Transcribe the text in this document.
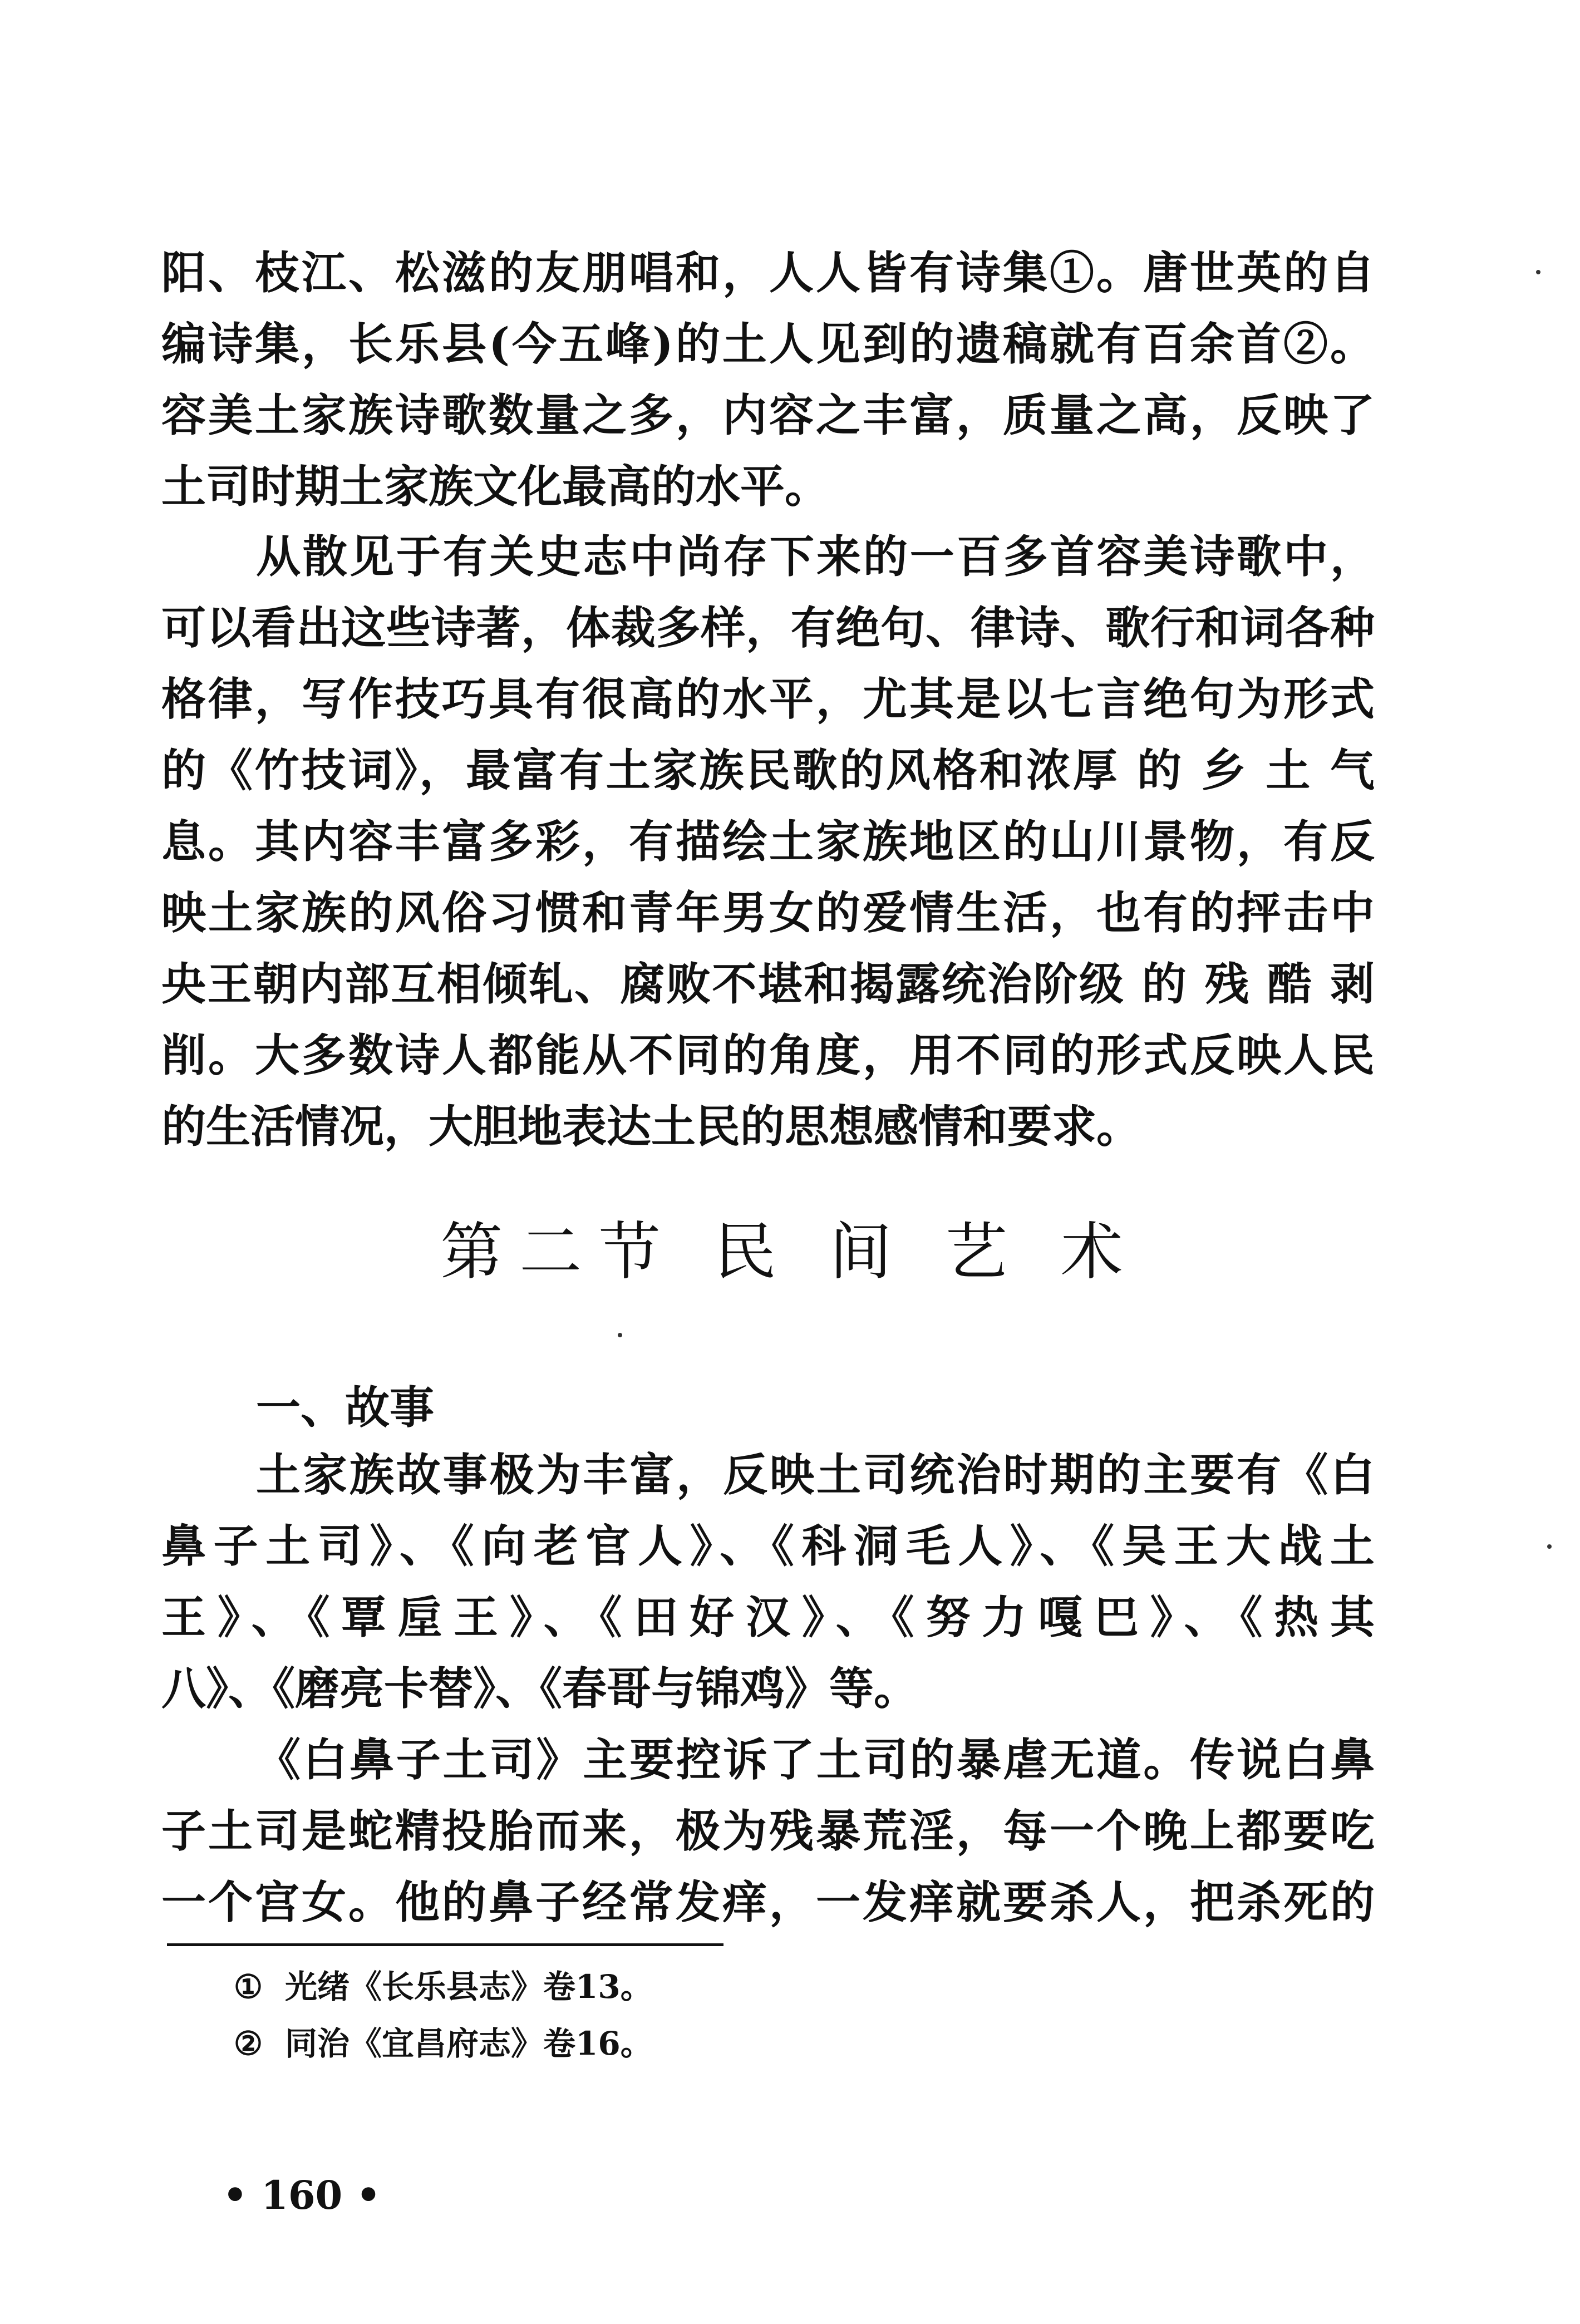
阳、枝江、松滋的友朋唱和，人人皆有诗集①。唐世英的自
编诗集，长乐县(今五峰)的土人见到的遗稿就有百余首②。
容美土家族诗歌数量之多，内容之丰富，质量之高，反映了
土司时期土家族文化最高的水平。
从散见于有关史志中尚存下来的一百多首容美诗歌中，
可以看出这些诗著，体裁多样，有绝句、律诗、歌行和词各种
格律，写作技巧具有很高的水平，尤其是以七言绝句为形式
的《竹技词》，最富有土家族民歌的风格和浓厚 的 乡 土 气
息。其内容丰富多彩，有描绘土家族地区的山川景物，有反
映土家族的风俗习惯和青年男女的爱情生活，也有的抨击中
央王朝内部互相倾轧、腐败不堪和揭露统治阶级 的 残 酷 剥
削。大多数诗人都能从不同的角度，用不同的形式反映人民
的生活情况，大胆地表达土民的思想感情和要求。
第二节 民 间 艺 术
一、故事
土家族故事极为丰富，反映土司统治时期的主要有《白
鼻子土司》、《向老官人》、《科洞毛人》、《吴王大战土
王》、《覃垕王》、《田好汉》、《努力嘎巴》、《热其
八》、《磨亮卡替》、《春哥与锦鸡》等。
《白鼻子土司》主要控诉了土司的暴虐无道。传说白鼻
子土司是蛇精投胎而来，极为残暴荒淫，每一个晚上都要吃
一个宫女。他的鼻子经常发痒，一发痒就要杀人，把杀死的
① 光绪《长乐县志》卷13。
② 同治《宜昌府志》卷16。
• 160 •
